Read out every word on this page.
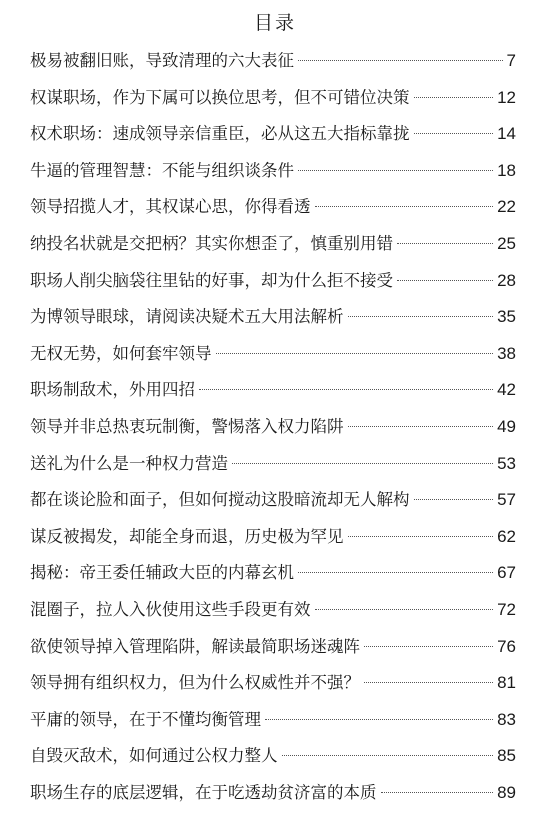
目录
极易被翻旧账，导致清理的六大表征	7
权谋职场，作为下属可以换位思考，但不可错位决策	12
权术职场：速成领导亲信重臣，必从这五大指标靠拢	14
牛逼的管理智慧：不能与组织谈条件	18
领导招揽人才，其权谋心思，你得看透	22
纳投名状就是交把柄？其实你想歪了，慎重别用错	25
职场人削尖脑袋往里钻的好事，却为什么拒不接受	28
为博领导眼球，请阅读决疑术五大用法解析	35
无权无势，如何套牢领导	38
职场制敌术，外用四招	42
领导并非总热衷玩制衡，警惕落入权力陷阱	49
送礼为什么是一种权力营造	53
都在谈论脸和面子，但如何搅动这股暗流却无人解构	57
谋反被揭发，却能全身而退，历史极为罕见	62
揭秘：帝王委任辅政大臣的内幕玄机	67
混圈子，拉人入伙使用这些手段更有效	72
欲使领导掉入管理陷阱，解读最简职场迷魂阵	76
领导拥有组织权力，但为什么权威性并不强？	81
平庸的领导，在于不懂均衡管理	83
自毁灭敌术，如何通过公权力整人	85
职场生存的底层逻辑，在于吃透劫贫济富的本质	89
